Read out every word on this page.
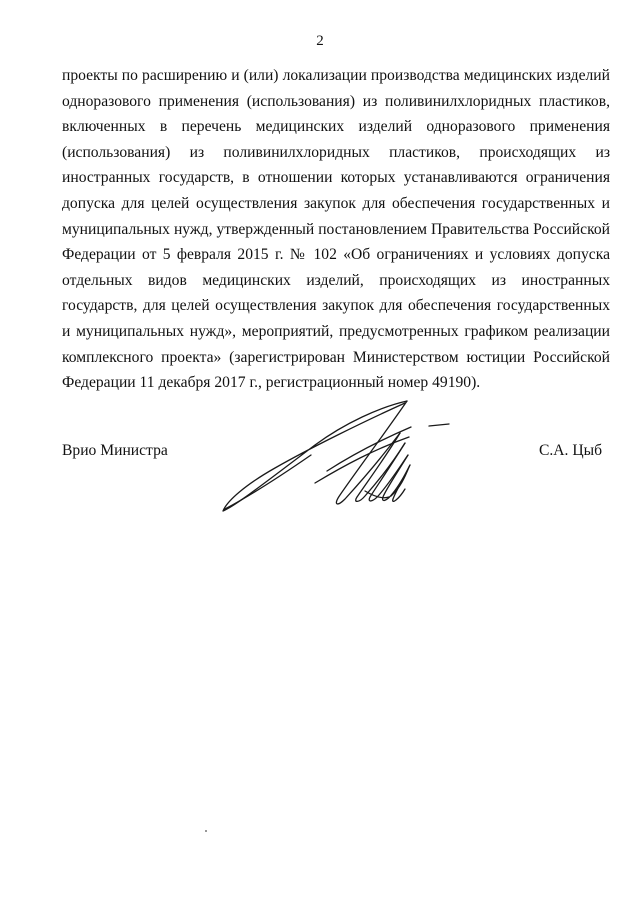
2

проекты по расширению и (или) локализации производства медицинских изделий одноразового применения (использования) из поливинилхлоридных пластиков, включенных в перечень медицинских изделий одноразового применения (использования) из поливинилхлоридных пластиков, происходящих из иностранных государств, в отношении которых устанавливаются ограничения допуска для целей осуществления закупок для обеспечения государственных и муниципальных нужд, утвержденный постановлением Правительства Российской Федерации от 5 февраля 2015 г. № 102 «Об ограничениях и условиях допуска отдельных видов медицинских изделий, происходящих из иностранных государств, для целей осуществления закупок для обеспечения государственных и муниципальных нужд», мероприятий, предусмотренных графиком реализации комплексного проекта» (зарегистрирован Министерством юстиции Российской Федерации 11 декабря 2017 г., регистрационный номер 49190).

Врио Министра	С.А. Цыб
